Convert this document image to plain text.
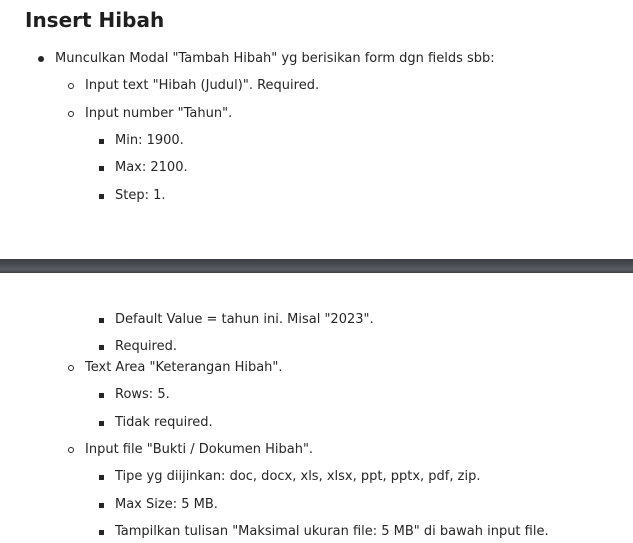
Insert Hibah
Munculkan Modal "Tambah Hibah" yg berisikan form dgn fields sbb:
Input text "Hibah (Judul)". Required.
Input number "Tahun".
Min: 1900.
Max: 2100.
Step: 1.
Default Value = tahun ini. Misal "2023".
Required.
Text Area "Keterangan Hibah".
Rows: 5.
Tidak required.
Input file "Bukti / Dokumen Hibah".
Tipe yg diijinkan: doc, docx, xls, xlsx, ppt, pptx, pdf, zip.
Max Size: 5 MB.
Tampilkan tulisan "Maksimal ukuran file: 5 MB" di bawah input file.
